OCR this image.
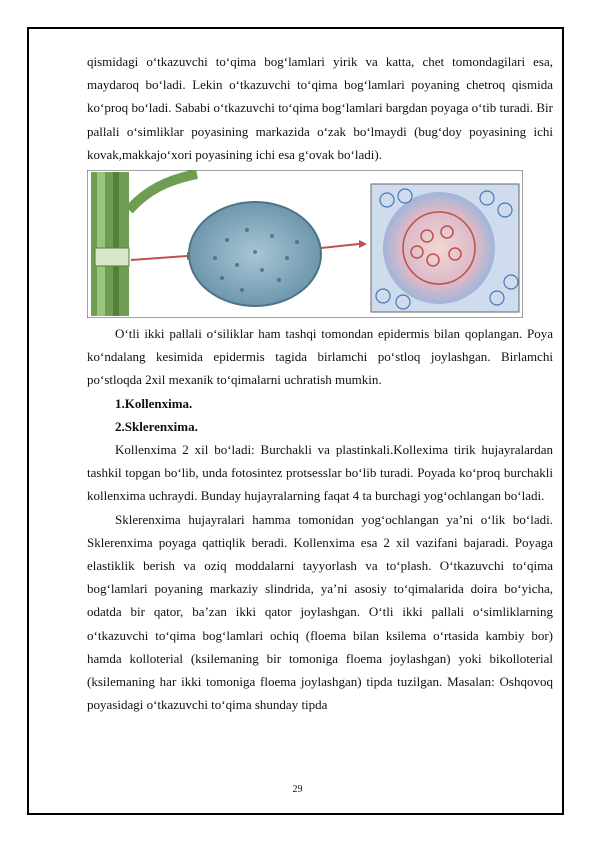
qismidagi o‘tkazuvchi to‘qima bog‘lamlari yirik va katta, chet tomondagilari esa, maydaroq bo‘ladi. Lekin o‘tkazuvchi to‘qima bog‘lamlari poyaning chetroq qismida ko‘proq bo‘ladi. Sababi o‘tkazuvchi to‘qima bog‘lamlari bargdan poyaga o‘tib turadi. Bir pallali o‘simliklar poyasining markazida o‘zak bo‘lmaydi (bug‘doy poyasining ichi kovak,makkajo‘xori poyasining ichi esa g‘ovak bo‘ladi).

O‘tli ikki pallali o‘siliklar ham tashqi tomondan epidermis bilan qoplangan. Poya ko‘ndalang kesimida epidermis tagida birlamchi po‘stloq joylashgan. Birlamchi po‘stloqda 2xil mexanik to‘qimalarni uchratish mumkin.

1.Kollenxima.

2.Sklerenxima.

Kollenxima 2 xil bo‘ladi: Burchakli va plastinkali.Kollexima tirik hujayralardan tashkil topgan bo‘lib, unda fotosintez protsesslar bo‘lib turadi. Poyada ko‘proq burchakli kollenxima uchraydi. Bunday hujayralarning faqat 4 ta burchagi yog‘ochlangan bo‘ladi.

Sklerenxima hujayralari hamma tomonidan yog‘ochlangan ya’ni o‘lik bo‘ladi. Sklerenxima poyaga qattiqlik beradi. Kollenxima esa 2 xil vazifani bajaradi. Poyaga elastiklik berish va oziq moddalarni tayyorlash va to‘plash. O‘tkazuvchi to‘qima bog‘lamlari poyaning markaziy slindrida, ya’ni asosiy to‘qimalarida doira bo‘yicha, odatda bir qator, ba’zan ikki qator joylashgan. O‘tli ikki pallali o‘simliklarning o‘tkazuvchi to‘qima bog‘lamlari ochiq (floema bilan ksilema o‘rtasida kambiy bor) hamda kolloterial (ksilemaning bir tomoniga floema joylashgan) yoki bikolloterial (ksilemaning har ikki tomoniga floema joylashgan) tipda tuzilgan. Masalan: Oshqovoq poyasidagi o‘tkazuvchi to‘qima shunday tipda

29
